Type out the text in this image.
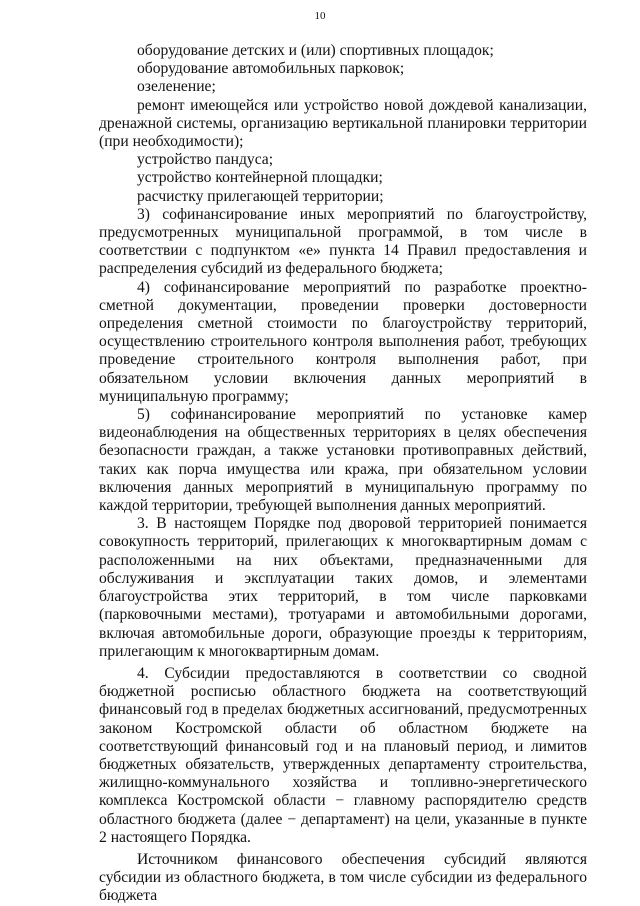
10

оборудование детских и (или) спортивных площадок;

оборудование автомобильных парковок;

озеленение;

ремонт имеющейся или устройство новой дождевой канализации, дренажной системы, организацию вертикальной планировки территории (при необходимости);

устройство пандуса;

устройство контейнерной площадки;

расчистку прилегающей территории;

3) софинансирование иных мероприятий по благоустройству, предусмотренных муниципальной программой, в том числе в соответствии с подпунктом «е» пункта 14 Правил предоставления и распределения субсидий из федерального бюджета;

4) софинансирование мероприятий по разработке проектно-сметной документации, проведении проверки достоверности определения сметной стоимости по благоустройству территорий, осуществлению строительного контроля выполнения работ, требующих проведение строительного контроля выполнения работ, при обязательном условии включения данных мероприятий в муниципальную программу;

5) софинансирование мероприятий по установке камер видеонаблюдения на общественных территориях в целях обеспечения безопасности граждан, а также установки противоправных действий, таких как порча имущества или кража, при обязательном условии включения данных мероприятий в муниципальную программу по каждой территории, требующей выполнения данных мероприятий.

3. В настоящем Порядке под дворовой территорией понимается совокупность территорий, прилегающих к многоквартирным домам с расположенными на них объектами, предназначенными для обслуживания и эксплуатации таких домов, и элементами благоустройства этих территорий, в том числе парковками (парковочными местами), тротуарами и автомобильными дорогами, включая автомобильные дороги, образующие проезды к территориям, прилегающим к многоквартирным домам.

4. Субсидии предоставляются в соответствии со сводной бюджетной росписью областного бюджета на соответствующий финансовый год в пределах бюджетных ассигнований, предусмотренных законом Костромской области об областном бюджете на соответствующий финансовый год и на плановый период, и лимитов бюджетных обязательств, утвержденных департаменту строительства, жилищно-коммунального хозяйства и топливно-энергетического комплекса Костромской области − главному распорядителю средств областного бюджета (далее − департамент) на цели, указанные в пункте 2 настоящего Порядка.

Источником финансового обеспечения субсидий являются субсидии из областного бюджета, в том числе субсидии из федерального бюджета
